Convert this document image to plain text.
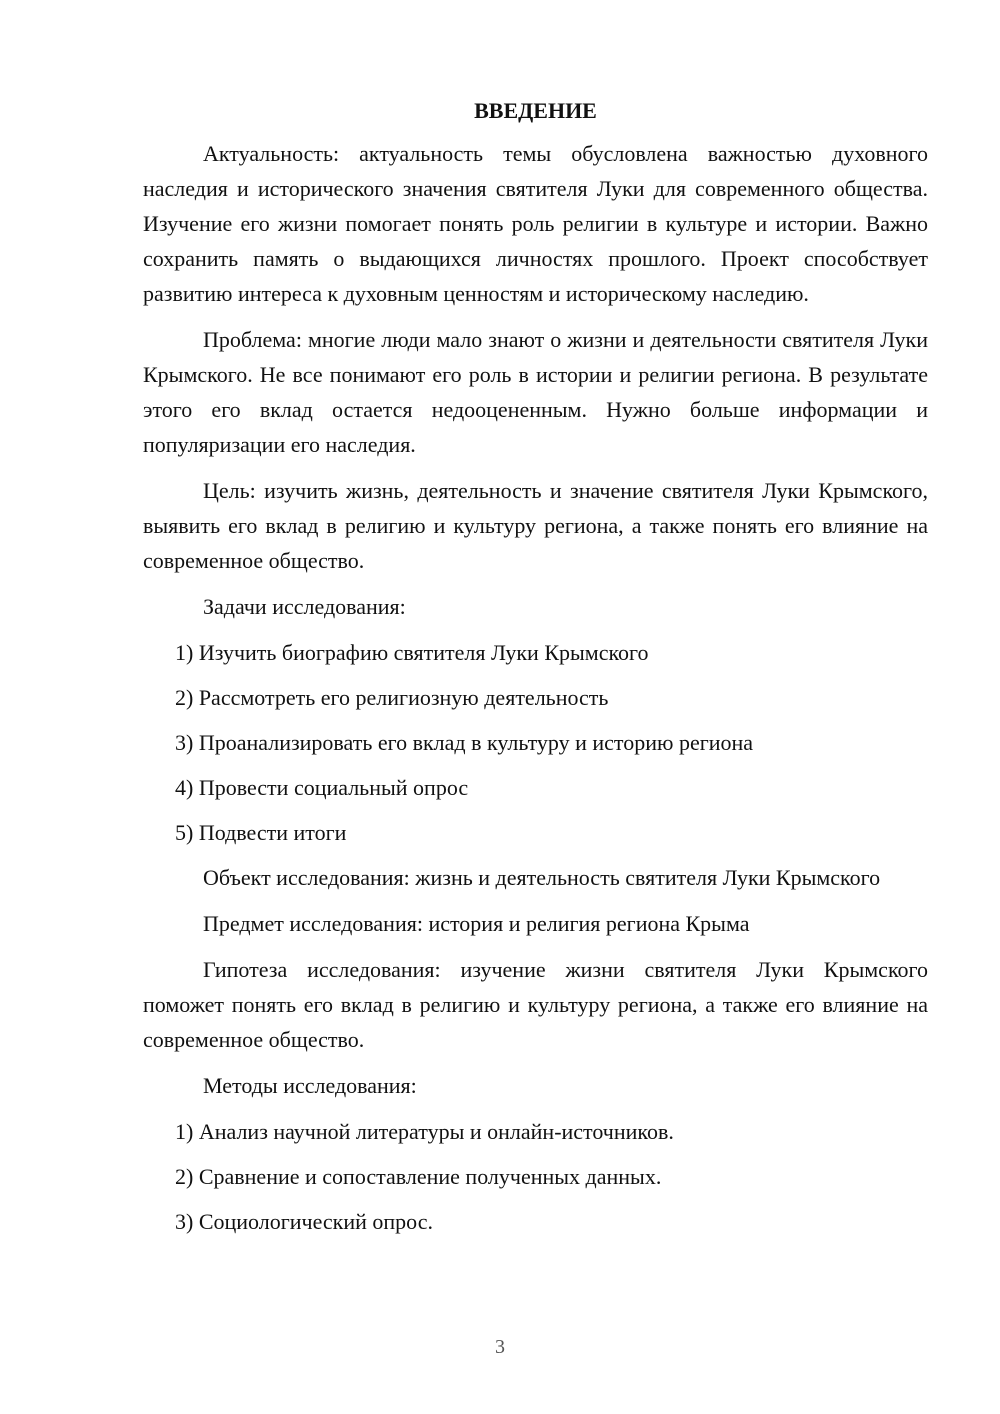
ВВЕДЕНИЕ

Актуальность: актуальность темы обусловлена важностью духовного наследия и исторического значения святителя Луки для современного общества. Изучение его жизни помогает понять роль религии в культуре и истории. Важно сохранить память о выдающихся личностях прошлого. Проект способствует развитию интереса к духовным ценностям и историческому наследию.

Проблема: многие люди мало знают о жизни и деятельности святителя Луки Крымского. Не все понимают его роль в истории и религии региона. В результате этого его вклад остается недооцененным. Нужно больше информации и популяризации его наследия.

Цель: изучить жизнь, деятельность и значение святителя Луки Крымского, выявить его вклад в религию и культуру региона, а также понять его влияние на современное общество.

Задачи исследования:

1) Изучить биографию святителя Луки Крымского
2) Рассмотреть его религиозную деятельность
3) Проанализировать его вклад в культуру и историю региона
4) Провести социальный опрос
5) Подвести итоги

Объект исследования: жизнь и деятельность святителя Луки Крымского

Предмет исследования: история и религия региона Крыма

Гипотеза исследования: изучение жизни святителя Луки Крымского поможет понять его вклад в религию и культуру региона, а также его влияние на современное общество.

Методы исследования:

1) Анализ научной литературы и онлайн-источников.
2) Сравнение и сопоставление полученных данных.
3) Социологический опрос.
3
